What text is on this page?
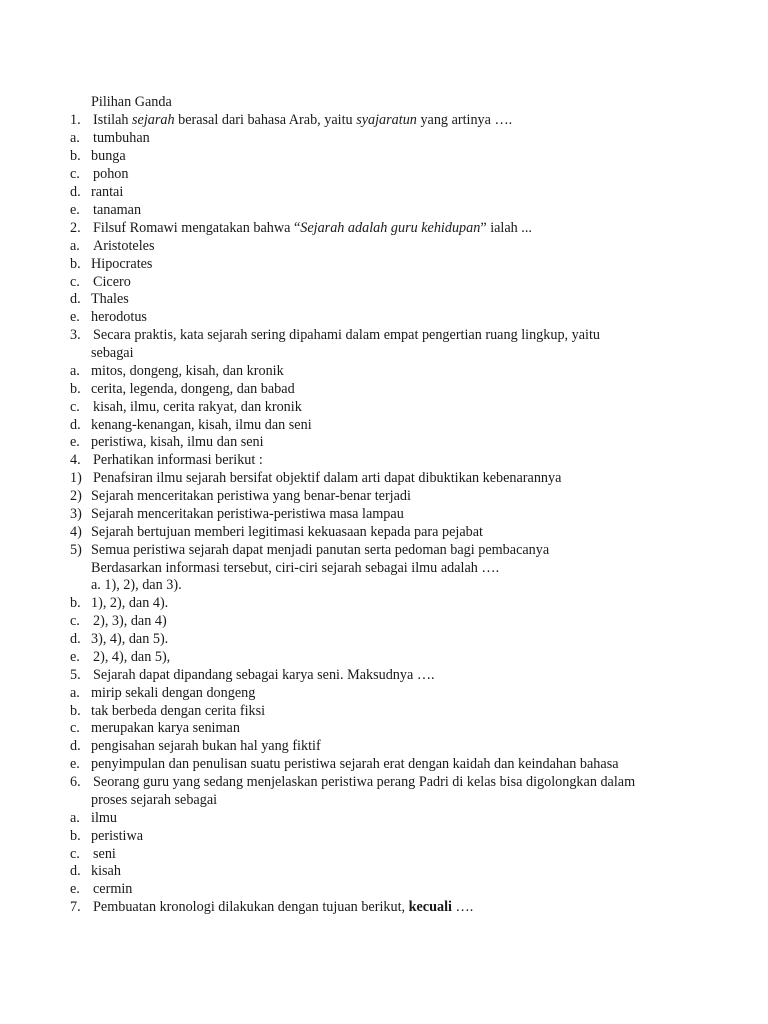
Pilihan Ganda
1. Istilah sejarah berasal dari bahasa Arab, yaitu syajaratun yang artinya ….
a. tumbuhan
b. bunga
c. pohon
d. rantai
e. tanaman
2. Filsuf Romawi mengatakan bahwa “Sejarah adalah guru kehidupan” ialah ...
a. Aristoteles
b. Hipocrates
c. Cicero
d. Thales
e. herodotus
3. Secara praktis, kata sejarah sering dipahami dalam empat pengertian ruang lingkup, yaitu
sebagai
a. mitos, dongeng, kisah, dan kronik
b. cerita, legenda, dongeng, dan babad
c. kisah, ilmu, cerita rakyat, dan kronik
d. kenang-kenangan, kisah, ilmu dan seni
e. peristiwa, kisah, ilmu dan seni
4. Perhatikan informasi berikut :
1) Penafsiran ilmu sejarah bersifat objektif dalam arti dapat dibuktikan kebenarannya
2) Sejarah menceritakan peristiwa yang benar-benar terjadi
3) Sejarah menceritakan peristiwa-peristiwa masa lampau
4) Sejarah bertujuan memberi legitimasi kekuasaan kepada para pejabat
5) Semua peristiwa sejarah dapat menjadi panutan serta pedoman bagi pembacanya
Berdasarkan informasi tersebut, ciri-ciri sejarah sebagai ilmu adalah ….
a. 1), 2), dan 3).
b. 1), 2), dan 4).
c. 2), 3), dan 4)
d. 3), 4), dan 5).
e. 2), 4), dan 5),
5. Sejarah dapat dipandang sebagai karya seni. Maksudnya ….
a. mirip sekali dengan dongeng
b. tak berbeda dengan cerita fiksi
c. merupakan karya seniman
d. pengisahan sejarah bukan hal yang fiktif
e. penyimpulan dan penulisan suatu peristiwa sejarah erat dengan kaidah dan keindahan bahasa
6. Seorang guru yang sedang menjelaskan peristiwa perang Padri di kelas bisa digolongkan dalam
proses sejarah sebagai
a. ilmu
b. peristiwa
c. seni
d. kisah
e. cermin
7. Pembuatan kronologi dilakukan dengan tujuan berikut, kecuali ….
